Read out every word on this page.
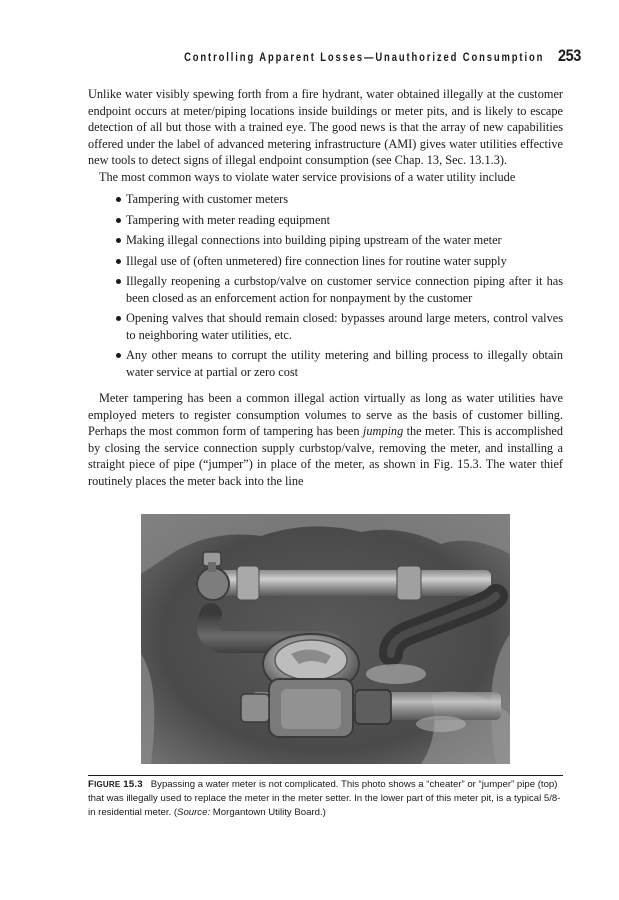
Controlling Apparent Losses—Unauthorized Consumption 253

Unlike water visibly spewing forth from a fire hydrant, water obtained illegally at the customer endpoint occurs at meter/piping locations inside buildings or meter pits, and is likely to escape detection of all but those with a trained eye. The good news is that the array of new capabilities offered under the label of advanced metering infrastructure (AMI) gives water utilities effective new tools to detect signs of illegal endpoint consumption (see Chap. 13, Sec. 13.1.3).

The most common ways to violate water service provisions of a water utility include

Tampering with customer meters
Tampering with meter reading equipment
Making illegal connections into building piping upstream of the water meter
Illegal use of (often unmetered) fire connection lines for routine water supply
Illegally reopening a curbstop/valve on customer service connection piping after it has been closed as an enforcement action for nonpayment by the customer
Opening valves that should remain closed: bypasses around large meters, control valves to neighboring water utilities, etc.
Any other means to corrupt the utility metering and billing process to illegally obtain water service at partial or zero cost

Meter tampering has been a common illegal action virtually as long as water utilities have employed meters to register consumption volumes to serve as the basis of customer billing. Perhaps the most common form of tampering has been jumping the meter. This is accomplished by closing the service connection supply curbstop/valve, removing the meter, and installing a straight piece of pipe (“jumper”) in place of the meter, as shown in Fig. 15.3. The water thief routinely places the meter back into the line

FIGURE 15.3 Bypassing a water meter is not complicated. This photo shows a “cheater” or “jumper” pipe (top) that was illegally used to replace the meter in the meter setter. In the lower part of this meter pit, is a typical 5/8-in residential meter. (Source: Morgantown Utility Board.)
